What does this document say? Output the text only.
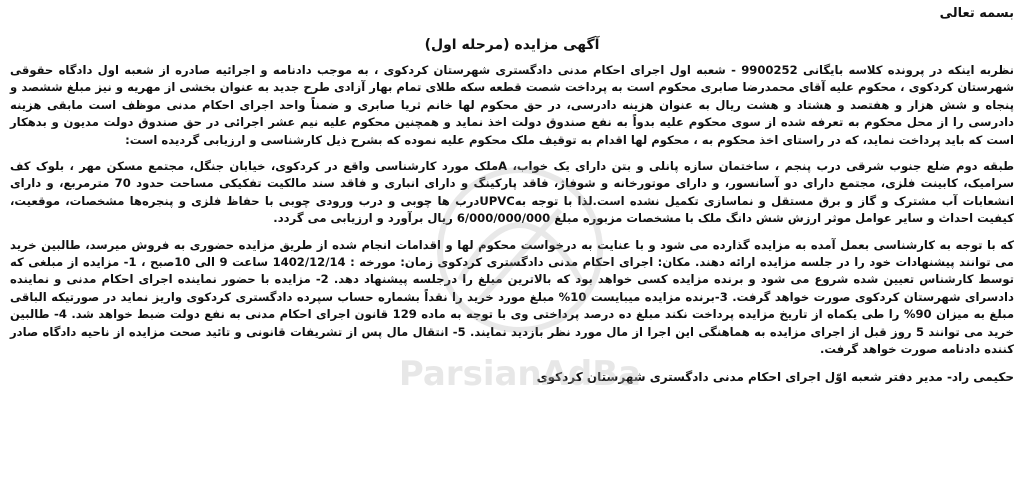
ParsianAdBa
بسمه تعالی
آگهی مزایده (مرحله اول)

نظربه اینکه در پرونده کلاسه بایگانی 9900252 - شعبه اول اجرای احکام مدنی دادگستری شهرستان کردکوی ، به موجب دادنامه و اجرائیه صادره از شعبه اول دادگاه حقوقی شهرستان کردکوی ، محکوم علیه آقای محمدرضا صابری محکوم است به پرداخت شصت قطعه سکه طلای تمام بهار آزادی طرح جدید به عنوان بخشی از مهریه و نیز مبلغ ششصد و پنجاه و شش هزار و هفتصد و هشتاد و هشت ریال به عنوان هزینه دادرسی، در حق محکوم لها خانم ثریا صابری و ضمناً واحد اجرای احکام مدنی موظف است مابقی هزینه دادرسی را از محل محکوم به تعرفه شده از سوی محکوم علیه بدواً به نفع صندوق دولت اخذ نماید و همچنین محکوم علیه نیم عشر اجرائی در حق صندوق دولت مدیون و بدهکار است که باید پرداخت نماید، که در راستای اخذ محکوم به ، محکوم لها اقدام به توقیف ملک محکوم علیه نموده که بشرح ذیل کارشناسی و ارزیابی گردیده است:

طبقه دوم ضلع جنوب شرقی درب پنجم ، ساختمان سازه پانلی و بتن دارای یک خواب، Aملک مورد کارشناسی واقع در کردکوی، خیابان جنگل، مجتمع مسکن مهر ، بلوک کف سرامیک، کابینت فلزی، مجتمع دارای دو آسانسور، و دارای موتورخانه و شوفاژ، فاقد پارکینگ و دارای انباری و فاقد سند مالکیت تفکیکی مساحت حدود 70 مترمربع، و دارای انشعابات آب مشترک و گاز و برق مستقل و نماسازی تکمیل نشده است.لذا با توجه بهUPVCدرب ها چوبی و درب ورودی چوبی با حفاظ فلزی و پنجره‌ها مشخصات، موقعیت، کیفیت احداث و سایر عوامل موثر ارزش شش دانگ ملک با مشخصات مزبوره مبلغ 6/000/000/000 ریال برآورد و ارزیابی می گردد.

که با توجه به کارشناسی بعمل آمده به مزایده گذارده می شود و با عنایت به درخواست محکوم لها و اقدامات انجام شده از طریق مزایده حضوری به فروش میرسد، طالبین خرید می توانند پیشنهادات خود را در جلسه مزایده ارائه دهند. مکان: اجرای احکام مدنی دادگستری کردکوی زمان: مورخه : 1402/12/14 ساعت 9 الی 10صبح ، 1- مزایده از مبلغی که توسط کارشناس تعیین شده شروع می شود و برنده مزایده کسی خواهد بود که بالاترین مبلغ را درجلسه پیشنهاد دهد. 2- مزایده با حضور نماینده اجرای احکام مدنی و نماینده دادسرای شهرستان کردکوی صورت خواهد گرفت. 3-برنده مزایده میبایست 10% مبلغ مورد خرید را نقداً بشماره حساب سپرده دادگستری کردکوی واریز نماید در صورتیکه الباقی مبلغ به میزان 90% را طی یکماه از تاریخ مزایده پرداخت نکند مبلغ ده درصد پرداختی وی با توجه به ماده 129 قانون اجرای احکام مدنی به نفع دولت ضبط خواهد شد. 4- طالبین خرید می توانند 5 روز قبل از اجرای مزایده به هماهنگی این اجرا از مال مورد نظر بازدید نمایند. 5- انتقال مال پس از تشریفات قانونی و تائید صحت مزایده از ناحیه دادگاه صادر کننده دادنامه صورت خواهد گرفت.

حکیمی راد- مدیر دفتر شعبه اوّل اجرای احکام مدنی دادگستری شهرستان کردکوی
